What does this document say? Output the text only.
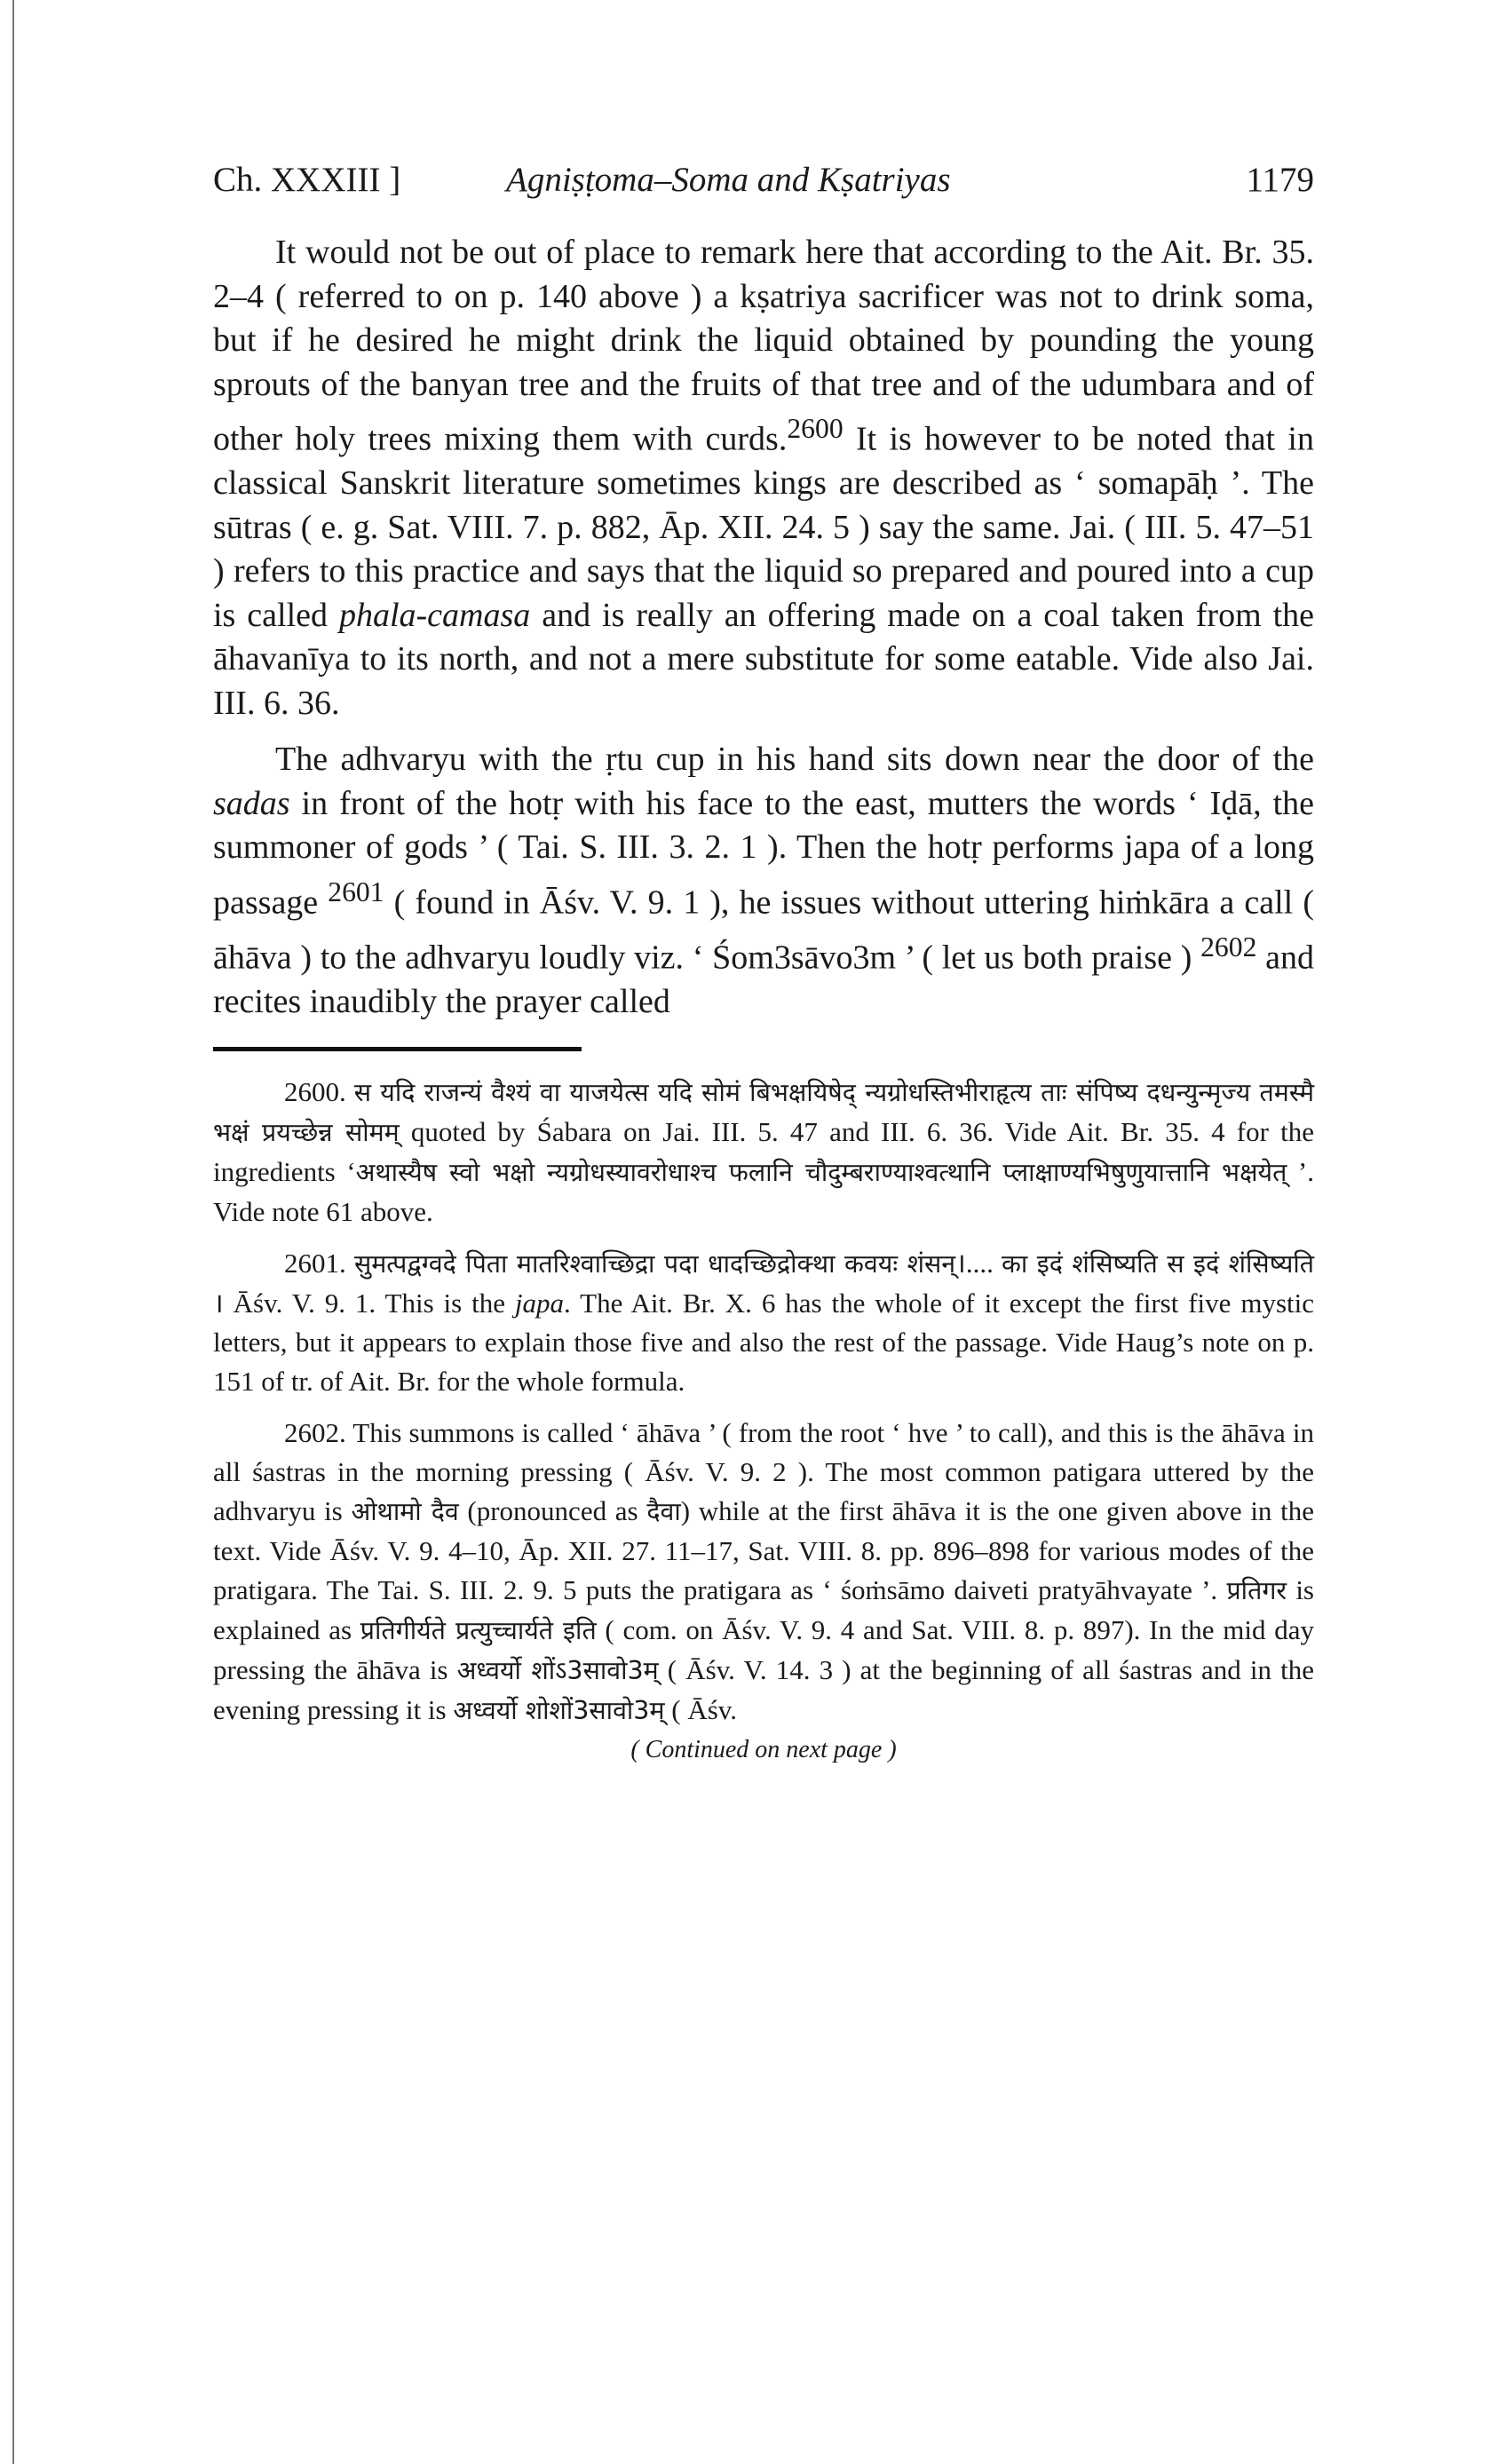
Ch. XXXIII ]	Agniṣṭoma–Soma and Kṣatriyas	1179

It would not be out of place to remark here that according to the Ait. Br. 35. 2–4 ( referred to on p. 140 above ) a kṣatriya sacrificer was not to drink soma, but if he desired he might drink the liquid obtained by pounding the young sprouts of the banyan tree and the fruits of that tree and of the udumbara and of other holy trees mixing them with curds.$^{2600}$ It is however to be noted that in classical Sanskrit literature sometimes kings are described as ‘ somapāḥ ’. The sūtras ( e. g. Sat. VIII. 7. p. 882, Āp. XII. 24. 5 ) say the same. Jai. ( III. 5. 47–51 ) refers to this practice and says that the liquid so prepared and poured into a cup is called phala-camasa and is really an offering made on a coal taken from the āhavanīya to its north, and not a mere substitute for some eatable. Vide also Jai. III. 6. 36.

The adhvaryu with the ṛtu cup in his hand sits down near the door of the sadas in front of the hotṛ with his face to the east, mutters the words ‘ Iḍā, the summoner of gods ’ ( Tai. S. III. 3. 2. 1 ). Then the hotṛ performs japa of a long passage $^{2601}$ ( found in Āśv. V. 9. 1 ), he issues without uttering hiṁkāra a call ( āhāva ) to the adhvaryu loudly viz. ‘ Śom3sāvo3m ’ ( let us both praise ) $^{2602}$ and recites inaudibly the prayer called

2600. स यदि राजन्यं वैश्यं वा याजयेत्स यदि सोमं बिभक्षयिषेद् न्यग्रोधस्तिभीराहृत्य ताः संपिष्य दधन्युन्मृज्य तमस्मै भक्षं प्रयच्छेन्न सोमम् quoted by Śabara on Jai. III. 5. 47 and III. 6. 36. Vide Ait. Br. 35. 4 for the ingredients ‘अथास्यैष स्वो भक्षो न्यग्रोधस्यावरोधाश्च फलानि चौदुम्बराण्याश्वत्थानि प्लाक्षाण्यभिषुणुयात्तानि भक्षयेत् ’. Vide note 61 above.

2601. सुमत्पद्वग्वदे पिता मातरिश्वाच्छिद्रा पदा धादच्छिद्रोक्था कवयः शंसन्।.... का इदं शंसिष्यति स इदं शंसिष्यति । Āśv. V. 9. 1. This is the japa. The Ait. Br. X. 6 has the whole of it except the first five mystic letters, but it appears to explain those five and also the rest of the passage. Vide Haug’s note on p. 151 of tr. of Ait. Br. for the whole formula.

2602. This summons is called ‘ āhāva ’ ( from the root ‘ hve ’ to call), and this is the āhāva in all śastras in the morning pressing ( Āśv. V. 9. 2 ). The most common patigara uttered by the adhvaryu is ओथामो दैव (pronounced as दैवा) while at the first āhāva it is the one given above in the text. Vide Āśv. V. 9. 4–10, Āp. XII. 27. 11–17, Sat. VIII. 8. pp. 896–898 for various modes of the pratigara. The Tai. S. III. 2. 9. 5 puts the pratigara as ‘ śoṁsāmo daiveti pratyāhvayate ’. प्रतिगर is explained as प्रतिगीर्यते प्रत्युच्चार्यते इति ( com. on Āśv. V. 9. 4 and Sat. VIII. 8. p. 897). In the mid day pressing the āhāva is अध्वर्यो शोंऽ3सावो3म् ( Āśv. V. 14. 3 ) at the beginning of all śastras and in the evening pressing it is अध्वर्यो शोशों3सावो3म् ( Āśv.

( Continued on next page )
